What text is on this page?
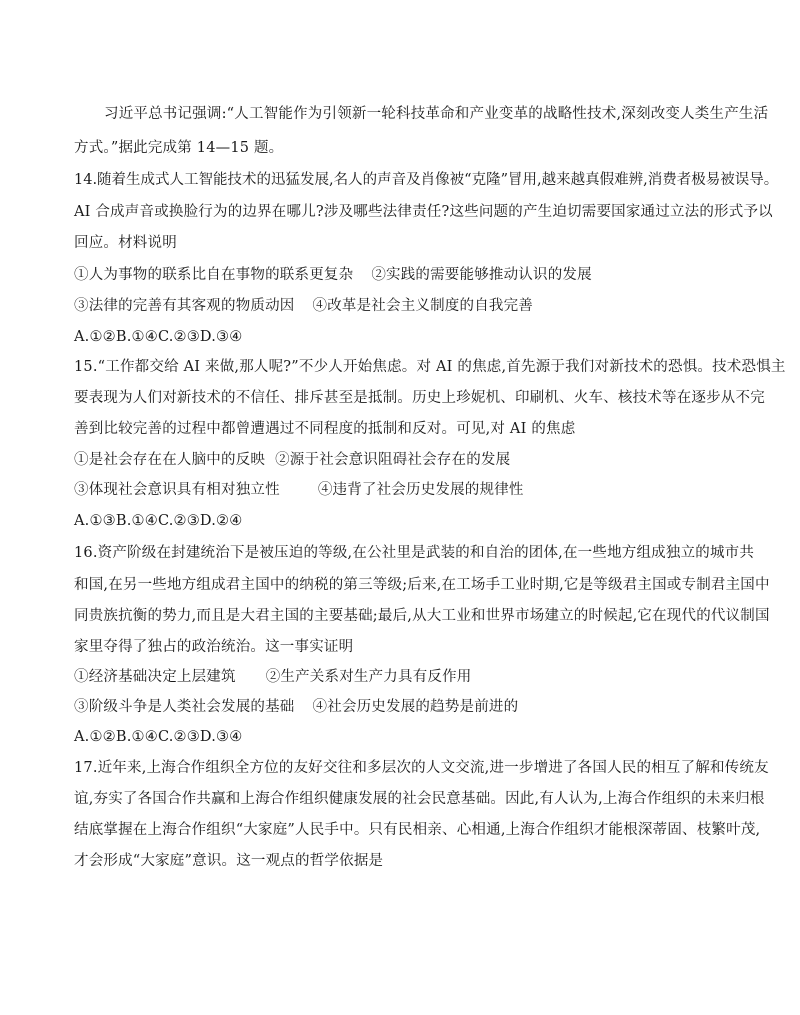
习近平总书记强调:“人工智能作为引领新一轮科技革命和产业变革的战略性技术,深刻改变人类生产生活
方式。”据此完成第 14—15 题。
14.随着生成式人工智能技术的迅猛发展,名人的声音及肖像被“克隆”冒用,越来越真假难辨,消费者极易被误导。
AI 合成声音或换脸行为的边界在哪儿?涉及哪些法律责任?这些问题的产生迫切需要国家通过立法的形式予以
回应。材料说明
①人为事物的联系比自在事物的联系更复杂 ②实践的需要能够推动认识的发展
③法律的完善有其客观的物质动因 ④改革是社会主义制度的自我完善
A.①②B.①④C.②③D.③④
15.“工作都交给 AI 来做,那人呢?”不少人开始焦虑。对 AI 的焦虑,首先源于我们对新技术的恐惧。技术恐惧主
要表现为人们对新技术的不信任、排斥甚至是抵制。历史上珍妮机、印刷机、火车、核技术等在逐步从不完
善到比较完善的过程中都曾遭遇过不同程度的抵制和反对。可见,对 AI 的焦虑
①是社会存在在人脑中的反映 ②源于社会意识阻碍社会存在的发展
③体现社会意识具有相对独立性	④违背了社会历史发展的规律性
A.①③B.①④C.②③D.②④
16.资产阶级在封建统治下是被压迫的等级,在公社里是武装的和自治的团体,在一些地方组成独立的城市共
和国,在另一些地方组成君主国中的纳税的第三等级;后来,在工场手工业时期,它是等级君主国或专制君主国中
同贵族抗衡的势力,而且是大君主国的主要基础;最后,从大工业和世界市场建立的时候起,它在现代的代议制国
家里夺得了独占的政治统治。这一事实证明
①经济基础决定上层建筑 ②生产关系对生产力具有反作用
③阶级斗争是人类社会发展的基础 ④社会历史发展的趋势是前进的
A.①②B.①④C.②③D.③④
17.近年来,上海合作组织全方位的友好交往和多层次的人文交流,进一步增进了各国人民的相互了解和传统友
谊,夯实了各国合作共赢和上海合作组织健康发展的社会民意基础。因此,有人认为,上海合作组织的未来归根
结底掌握在上海合作组织“大家庭”人民手中。只有民相亲、心相通,上海合作组织才能根深蒂固、枝繁叶茂,
才会形成“大家庭”意识。这一观点的哲学依据是
